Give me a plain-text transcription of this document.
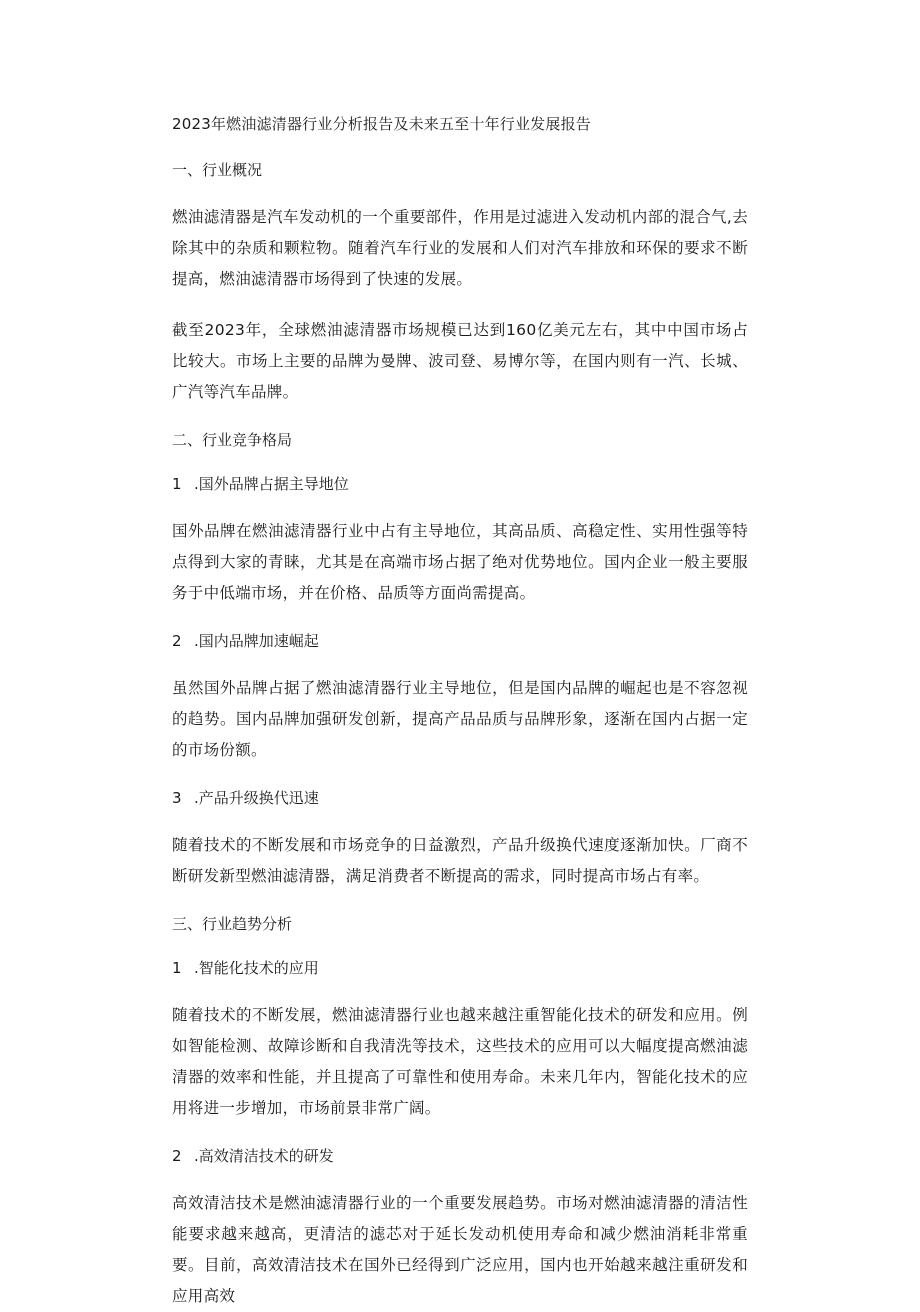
2023年燃油滤清器行业分析报告及未来五至十年行业发展报告
一、行业概况
燃油滤清器是汽车发动机的一个重要部件，作用是过滤进入发动机内部的混合气,去除其中的杂质和颗粒物。随着汽车行业的发展和人们对汽车排放和环保的要求不断提高，燃油滤清器市场得到了快速的发展。
截至2023年，全球燃油滤清器市场规模已达到160亿美元左右，其中中国市场占比较大。市场上主要的品牌为曼牌、波司登、易博尔等，在国内则有一汽、长城、广汽等汽车品牌。
二、行业竞争格局
1 .国外品牌占据主导地位
国外品牌在燃油滤清器行业中占有主导地位，其高品质、高稳定性、实用性强等特点得到大家的青睐，尤其是在高端市场占据了绝对优势地位。国内企业一般主要服务于中低端市场，并在价格、品质等方面尚需提高。
2 .国内品牌加速崛起
虽然国外品牌占据了燃油滤清器行业主导地位，但是国内品牌的崛起也是不容忽视的趋势。国内品牌加强研发创新，提高产品品质与品牌形象，逐渐在国内占据一定的市场份额。
3 .产品升级换代迅速
随着技术的不断发展和市场竞争的日益激烈，产品升级换代速度逐渐加快。厂商不断研发新型燃油滤清器，满足消费者不断提高的需求，同时提高市场占有率。
三、行业趋势分析
1 .智能化技术的应用
随着技术的不断发展，燃油滤清器行业也越来越注重智能化技术的研发和应用。例如智能检测、故障诊断和自我清洗等技术，这些技术的应用可以大幅度提高燃油滤清器的效率和性能，并且提高了可靠性和使用寿命。未来几年内，智能化技术的应用将进一步增加，市场前景非常广阔。
2 .高效清洁技术的研发
高效清洁技术是燃油滤清器行业的一个重要发展趋势。市场对燃油滤清器的清洁性能要求越来越高，更清洁的滤芯对于延长发动机使用寿命和减少燃油消耗非常重要。目前，高效清洁技术在国外已经得到广泛应用，国内也开始越来越注重研发和应用高效
